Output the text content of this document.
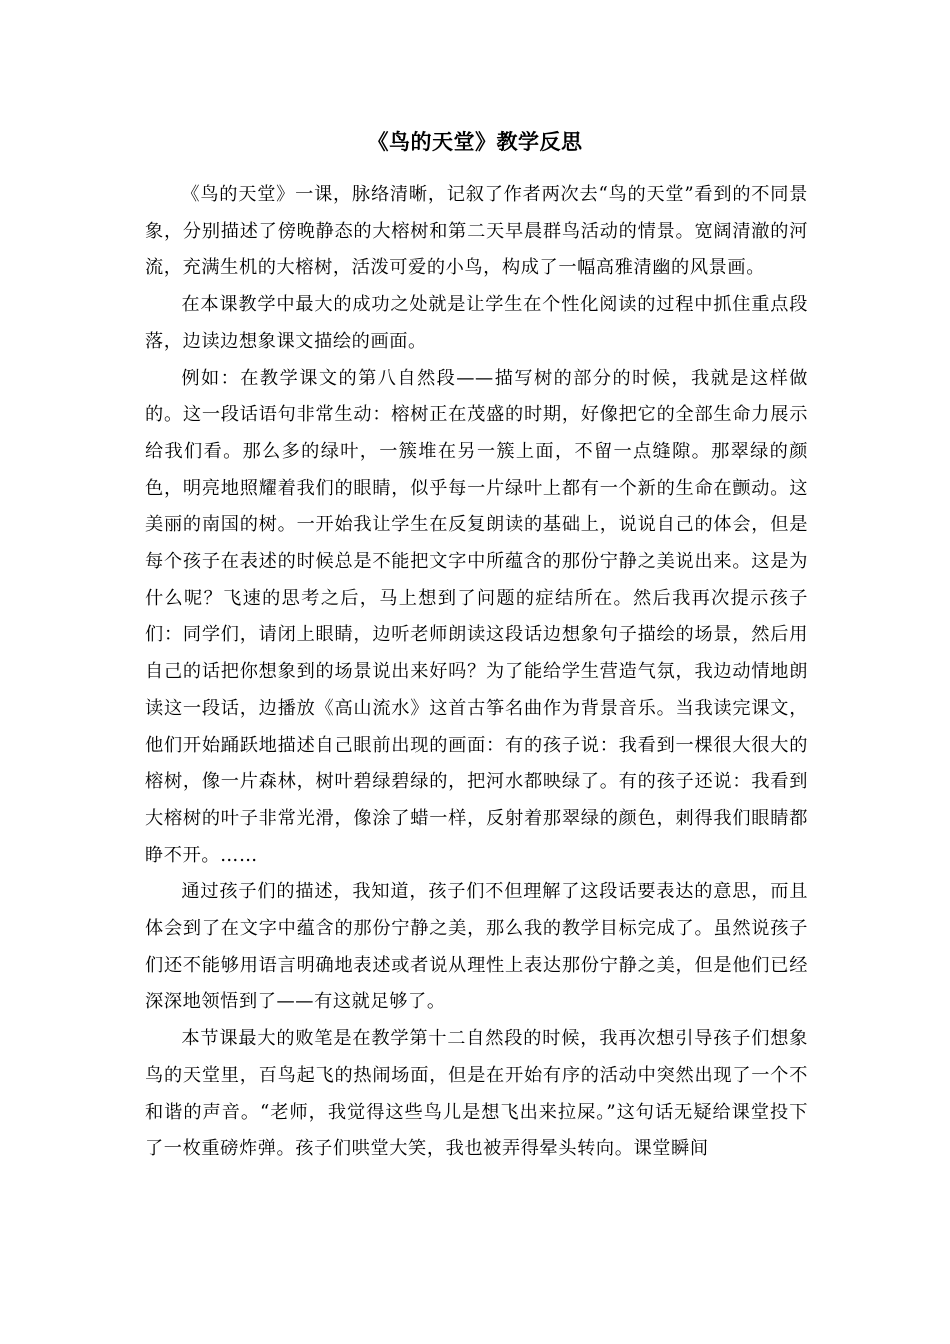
《鸟的天堂》教学反思

《鸟的天堂》一课，脉络清晰，记叙了作者两次去“鸟的天堂”看到的不同景象，分别描述了傍晚静态的大榕树和第二天早晨群鸟活动的情景。宽阔清澈的河流，充满生机的大榕树，活泼可爱的小鸟，构成了一幅高雅清幽的风景画。

在本课教学中最大的成功之处就是让学生在个性化阅读的过程中抓住重点段落，边读边想象课文描绘的画面。

例如：在教学课文的第八自然段——描写树的部分的时候，我就是这样做的。这一段话语句非常生动：榕树正在茂盛的时期，好像把它的全部生命力展示给我们看。那么多的绿叶，一簇堆在另一簇上面，不留一点缝隙。那翠绿的颜色，明亮地照耀着我们的眼睛，似乎每一片绿叶上都有一个新的生命在颤动。这美丽的南国的树。一开始我让学生在反复朗读的基础上，说说自己的体会，但是每个孩子在表述的时候总是不能把文字中所蕴含的那份宁静之美说出来。这是为什么呢？飞速的思考之后，马上想到了问题的症结所在。然后我再次提示孩子们：同学们，请闭上眼睛，边听老师朗读这段话边想象句子描绘的场景，然后用自己的话把你想象到的场景说出来好吗？为了能给学生营造气氛，我边动情地朗读这一段话，边播放《高山流水》这首古筝名曲作为背景音乐。当我读完课文，他们开始踊跃地描述自己眼前出现的画面：有的孩子说：我看到一棵很大很大的榕树，像一片森林，树叶碧绿碧绿的，把河水都映绿了。有的孩子还说：我看到大榕树的叶子非常光滑，像涂了蜡一样，反射着那翠绿的颜色，刺得我们眼睛都睁不开。……

通过孩子们的描述，我知道，孩子们不但理解了这段话要表达的意思，而且体会到了在文字中蕴含的那份宁静之美，那么我的教学目标完成了。虽然说孩子们还不能够用语言明确地表述或者说从理性上表达那份宁静之美，但是他们已经深深地领悟到了——有这就足够了。

本节课最大的败笔是在教学第十二自然段的时候，我再次想引导孩子们想象鸟的天堂里，百鸟起飞的热闹场面，但是在开始有序的活动中突然出现了一个不和谐的声音。“老师，我觉得这些鸟儿是想飞出来拉屎。”这句话无疑给课堂投下了一枚重磅炸弹。孩子们哄堂大笑，我也被弄得晕头转向。课堂瞬间
